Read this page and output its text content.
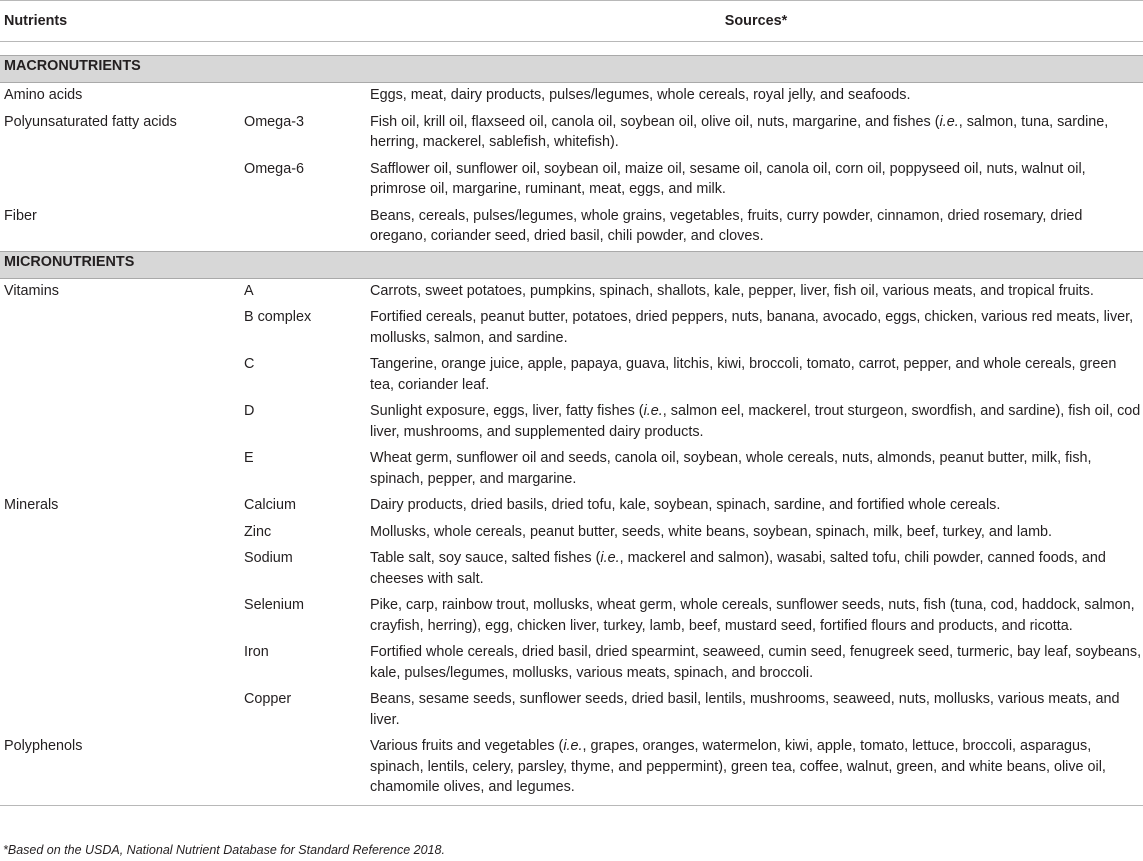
Nutrients		Sources*

MACRONUTRIENTS		
Amino acids		Eggs, meat, dairy products, pulses/legumes, whole cereals, royal jelly, and seafoods.
Polyunsaturated fatty acids	Omega-3	Fish oil, krill oil, flaxseed oil, canola oil, soybean oil, olive oil, nuts, margarine, and fishes (i.e., salmon, tuna, sardine, herring, mackerel, sablefish, whitefish).
	Omega-6	Safflower oil, sunflower oil, soybean oil, maize oil, sesame oil, canola oil, corn oil, poppyseed oil, nuts, walnut oil, primrose oil, margarine, ruminant, meat, eggs, and milk.
Fiber		Beans, cereals, pulses/legumes, whole grains, vegetables, fruits, curry powder, cinnamon, dried rosemary, dried oregano, coriander seed, dried basil, chili powder, and cloves.
MICRONUTRIENTS		
Vitamins	A	Carrots, sweet potatoes, pumpkins, spinach, shallots, kale, pepper, liver, fish oil, various meats, and tropical fruits.
	B complex	Fortified cereals, peanut butter, potatoes, dried peppers, nuts, banana, avocado, eggs, chicken, various red meats, liver, mollusks, salmon, and sardine.
	C	Tangerine, orange juice, apple, papaya, guava, litchis, kiwi, broccoli, tomato, carrot, pepper, and whole cereals, green tea, coriander leaf.
	D	Sunlight exposure, eggs, liver, fatty fishes (i.e., salmon eel, mackerel, trout sturgeon, swordfish, and sardine), fish oil, cod liver, mushrooms, and supplemented dairy products.
	E	Wheat germ, sunflower oil and seeds, canola oil, soybean, whole cereals, nuts, almonds, peanut butter, milk, fish, spinach, pepper, and margarine.
Minerals	Calcium	Dairy products, dried basils, dried tofu, kale, soybean, spinach, sardine, and fortified whole cereals.
	Zinc	Mollusks, whole cereals, peanut butter, seeds, white beans, soybean, spinach, milk, beef, turkey, and lamb.
	Sodium	Table salt, soy sauce, salted fishes (i.e., mackerel and salmon), wasabi, salted tofu, chili powder, canned foods, and cheeses with salt.
	Selenium	Pike, carp, rainbow trout, mollusks, wheat germ, whole cereals, sunflower seeds, nuts, fish (tuna, cod, haddock, salmon, crayfish, herring), egg, chicken liver, turkey, lamb, beef, mustard seed, fortified flours and products, and ricotta.
	Iron	Fortified whole cereals, dried basil, dried spearmint, seaweed, cumin seed, fenugreek seed, turmeric, bay leaf, soybeans, kale, pulses/legumes, mollusks, various meats, spinach, and broccoli.
	Copper	Beans, sesame seeds, sunflower seeds, dried basil, lentils, mushrooms, seaweed, nuts, mollusks, various meats, and liver.
Polyphenols		Various fruits and vegetables (i.e., grapes, oranges, watermelon, kiwi, apple, tomato, lettuce, broccoli, asparagus, spinach, lentils, celery, parsley, thyme, and peppermint), green tea, coffee, walnut, green, and white beans, olive oil, chamomile olives, and legumes.
*Based on the USDA, National Nutrient Database for Standard Reference 2018.
